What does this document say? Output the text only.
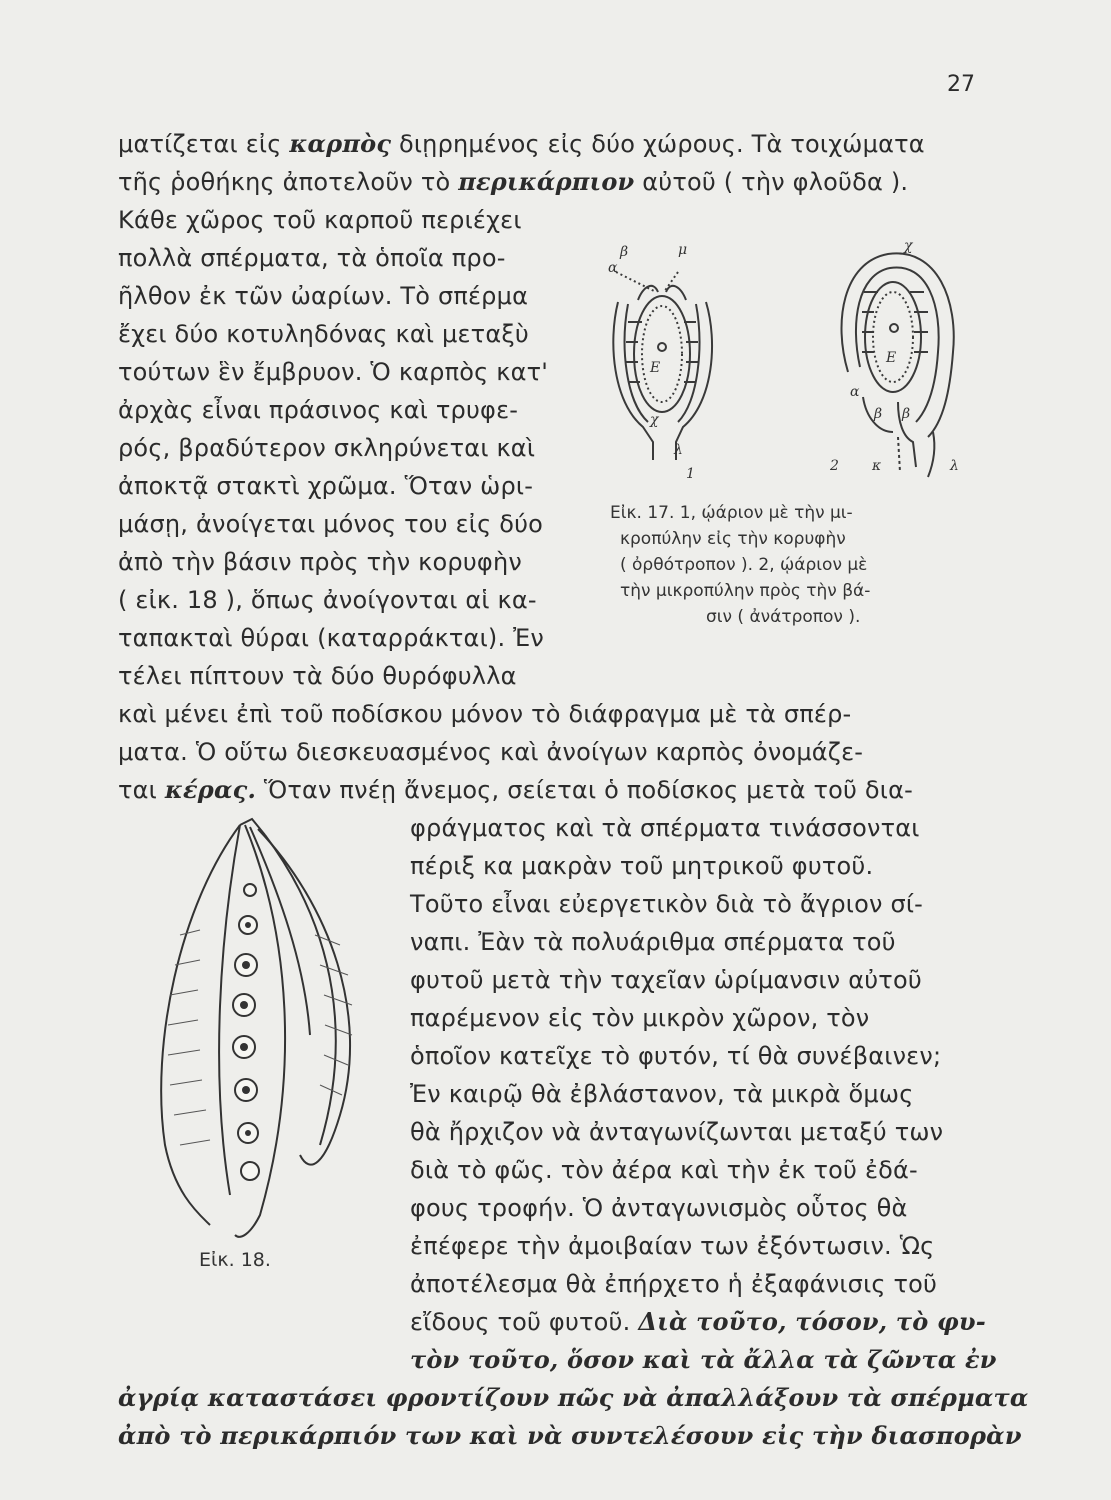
27
ματίζεται εἰς καρπὸς διῃρημένος εἰς δύο χώρους. Τὰ τοιχώματα
τῆς ῥοθήκης ἀποτελοῦν τὸ περικάρπιον αὐτοῦ ( τὴν φλοῦδα ).
Κάθε χῶρος τοῦ καρποῦ περιέχει
πολλὰ σπέρματα, τὰ ὁποῖα προ-
ῆλθον ἐκ τῶν ὠαρίων. Τὸ σπέρμα
ἔχει δύο κοτυληδόνας καὶ μεταξὺ
τούτων ἓν ἔμβρυον. Ὁ καρπὸς κατ'
ἀρχὰς εἶναι πράσινος καὶ τρυφε-
ρός, βραδύτερον σκληρύνεται καὶ
ἀποκτᾷ στακτὶ χρῶμα. Ὅταν ὡρι-
μάσῃ, ἀνοίγεται μόνος του εἰς δύο
ἀπὸ τὴν βάσιν πρὸς τὴν κορυφὴν
( εἰκ. 18 ), ὅπως ἀνοίγονται αἱ κα-
ταπακταὶ θύραι (καταρράκται). Ἐν
τέλει πίπτουν τὰ δύο θυρόφυλλα
καὶ μένει ἐπὶ τοῦ ποδίσκου μόνον τὸ διάφραγμα μὲ τὰ σπέρ-
ματα. Ὁ οὕτω διεσκευασμένος καὶ ἀνοίγων καρπὸς ὀνομάζε-
ται κέρας. Ὅταν πνέῃ ἄνεμος, σείεται ὁ ποδίσκος μετὰ τοῦ δια-
φράγματος καὶ τὰ σπέρματα τινάσσονται
πέριξ κα μακρὰν τοῦ μητρικοῦ φυτοῦ.
Τοῦτο εἶναι εὐεργετικὸν διὰ τὸ ἄγριον σί-
ναπι. Ἐὰν τὰ πολυάριθμα σπέρματα τοῦ
φυτοῦ μετὰ τὴν ταχεῖαν ὡρίμανσιν αὐτοῦ
παρέμενον εἰς τὸν μικρὸν χῶρον, τὸν
ὁποῖον κατεῖχε τὸ φυτόν, τί θὰ συνέβαινεν;
Ἐν καιρῷ θὰ ἐβλάστανον, τὰ μικρὰ ὅμως
θὰ ἤρχιζον νὰ ἀνταγωνίζωνται μεταξύ των
διὰ τὸ φῶς. τὸν ἀέρα καὶ τὴν ἐκ τοῦ ἐδά-
φους τροφήν. Ὁ ἀνταγωνισμὸς οὗτος θὰ
ἐπέφερε τὴν ἀμοιβαίαν των ἐξόντωσιν. Ὡς
ἀποτέλεσμα θὰ ἐπήρχετο ἡ ἐξαφάνισις τοῦ
εἴδους τοῦ φυτοῦ. Διὰ τοῦτο, τόσον, τὸ φυ-
τὸν τοῦτο, ὅσον καὶ τὰ ἄλλα τὰ ζῶντα ἐν
ἀγρίᾳ καταστάσει φροντίζουν πῶς νὰ ἀπαλλάξουν τὰ σπέρματα
ἀπὸ τὸ περικάρπιόν των καὶ νὰ συντελέσουν εἰς τὴν διασπορὰν
β	μ
α
Ε
χ
λ
1
χ
Ε
α
β β
κ	λ
2
Εἰκ. 17. 1, ῴάριον μὲ τὴν μι-
κροπύλην εἰς τὴν κορυφὴν
( ὀρθότροπον ). 2, ῴάριον μὲ
τὴν μικροπύλην πρὸς τὴν βά-
σιν ( ἀνάτροπον ).
Εἰκ. 18.
